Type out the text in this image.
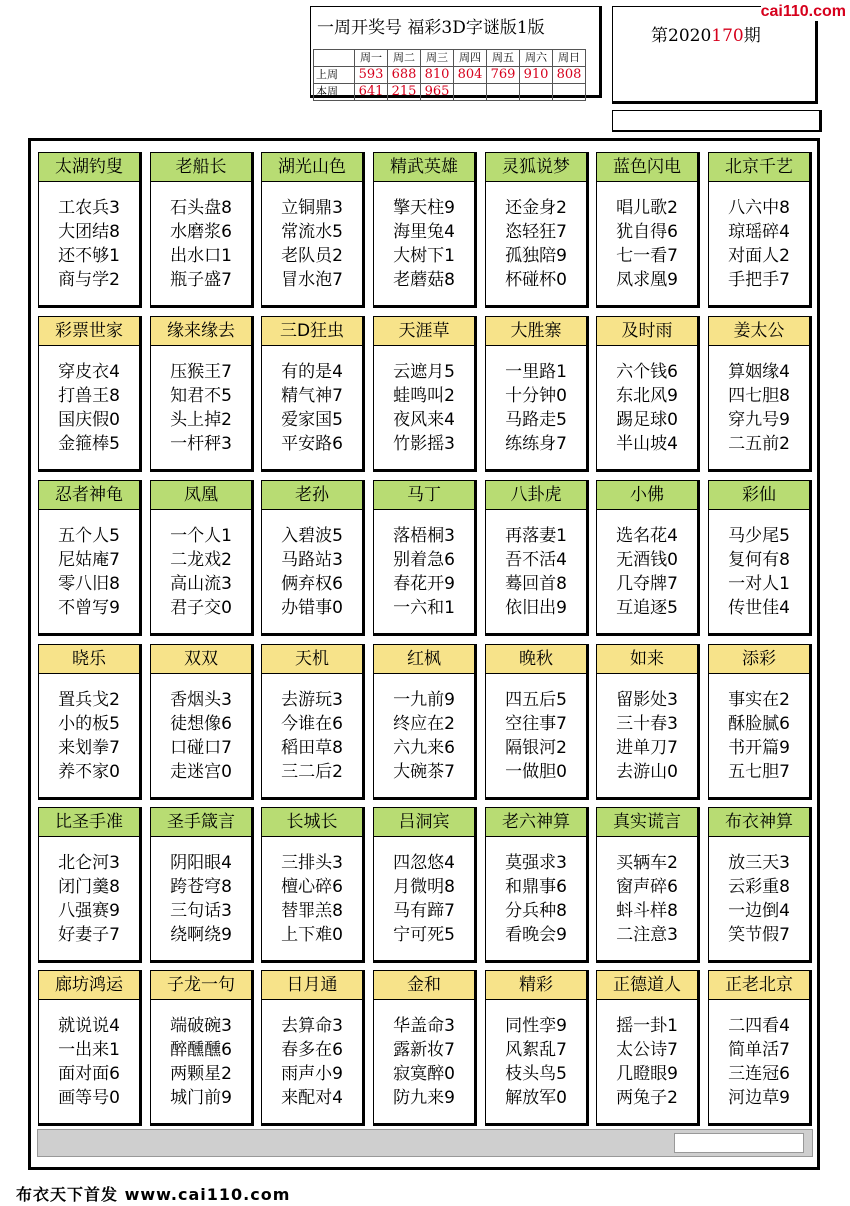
一周开奖号 福彩3D字谜版1版
	周一	周二	周三	周四	周五	周六	周日
上周	593	688	810	804	769	910	808
本周	641	215	965				
第2020170期
cai110.com
太湖钓叟
工农兵3
大团结8
还不够1
商与学2
老船长
石头盘8
水磨浆6
出水口1
瓶子盛7
湖光山色
立铜鼎3
常流水5
老队员2
冒水泡7
精武英雄
擎天柱9
海里兔4
大树下1
老蘑菇8
灵狐说梦
还金身2
恣轻狂7
孤独陪9
杯碰杯0
蓝色闪电
唱儿歌2
犹自得6
七一看7
凤求凰9
北京千艺
八六中8
琼瑶碎4
对面人2
手把手7
彩票世家
穿皮衣4
打兽王8
国庆假0
金箍棒5
缘来缘去
压猴王7
知君不5
头上掉2
一杆秤3
三D狂虫
有的是4
精气神7
爱家国5
平安路6
天涯草
云遮月5
蛙鸣叫2
夜风来4
竹影摇3
大胜寨
一里路1
十分钟0
马路走5
练练身7
及时雨
六个钱6
东北风9
踢足球0
半山坡4
姜太公
算姻缘4
四七胆8
穿九号9
二五前2
忍者神龟
五个人5
尼姑庵7
零八旧8
不曾写9
凤凰
一个人1
二龙戏2
高山流3
君子交0
老孙
入碧波5
马路站3
俩弃权6
办错事0
马丁
落梧桐3
别着急6
春花开9
一六和1
八卦虎
再落妻1
吾不活4
蓦回首8
依旧出9
小佛
选名花4
无酒钱0
几夺牌7
互追逐5
彩仙
马少尾5
复何有8
一对人1
传世佳4
晓乐
置兵戈2
小的板5
来划拳7
养不家0
双双
香烟头3
徒想像6
口碰口7
走迷宫0
天机
去游玩3
今谁在6
稻田草8
三二后2
红枫
一九前9
终应在2
六九来6
大碗茶7
晚秋
四五后5
空往事7
隔银河2
一做胆0
如来
留影处3
三十春3
进单刀7
去游山0
添彩
事实在2
酥脸腻6
书开篇9
五七胆7
比圣手准
北仑河3
闭门羹8
八强赛9
好妻子7
圣手箴言
阴阳眼4
跨苍穹8
三句话3
绕啊绕9
长城长
三排头3
檀心碎6
替罪羔8
上下难0
吕洞宾
四忽悠4
月微明8
马有蹄7
宁可死5
老六神算
莫强求3
和鼎事6
分兵种8
看晚会9
真实谎言
买辆车2
窗声碎6
蚪斗样8
二注意3
布衣神算
放三天3
云彩重8
一边倒4
笑节假7
廊坊鸿运
就说说4
一出来1
面对面6
画等号0
子龙一句
端破碗3
醉醺醺6
两颗星2
城门前9
日月通
去算命3
春多在6
雨声小9
来配对4
金和
华盖命3
露新妆7
寂寞醉0
防九来9
精彩
同性孪9
风絮乱7
枝头鸟5
解放军0
正德道人
摇一卦1
太公诗7
几瞪眼9
两兔子2
正老北京
二四看4
简单活7
三连冠6
河边草9
布衣天下首发 www.cai110.com
